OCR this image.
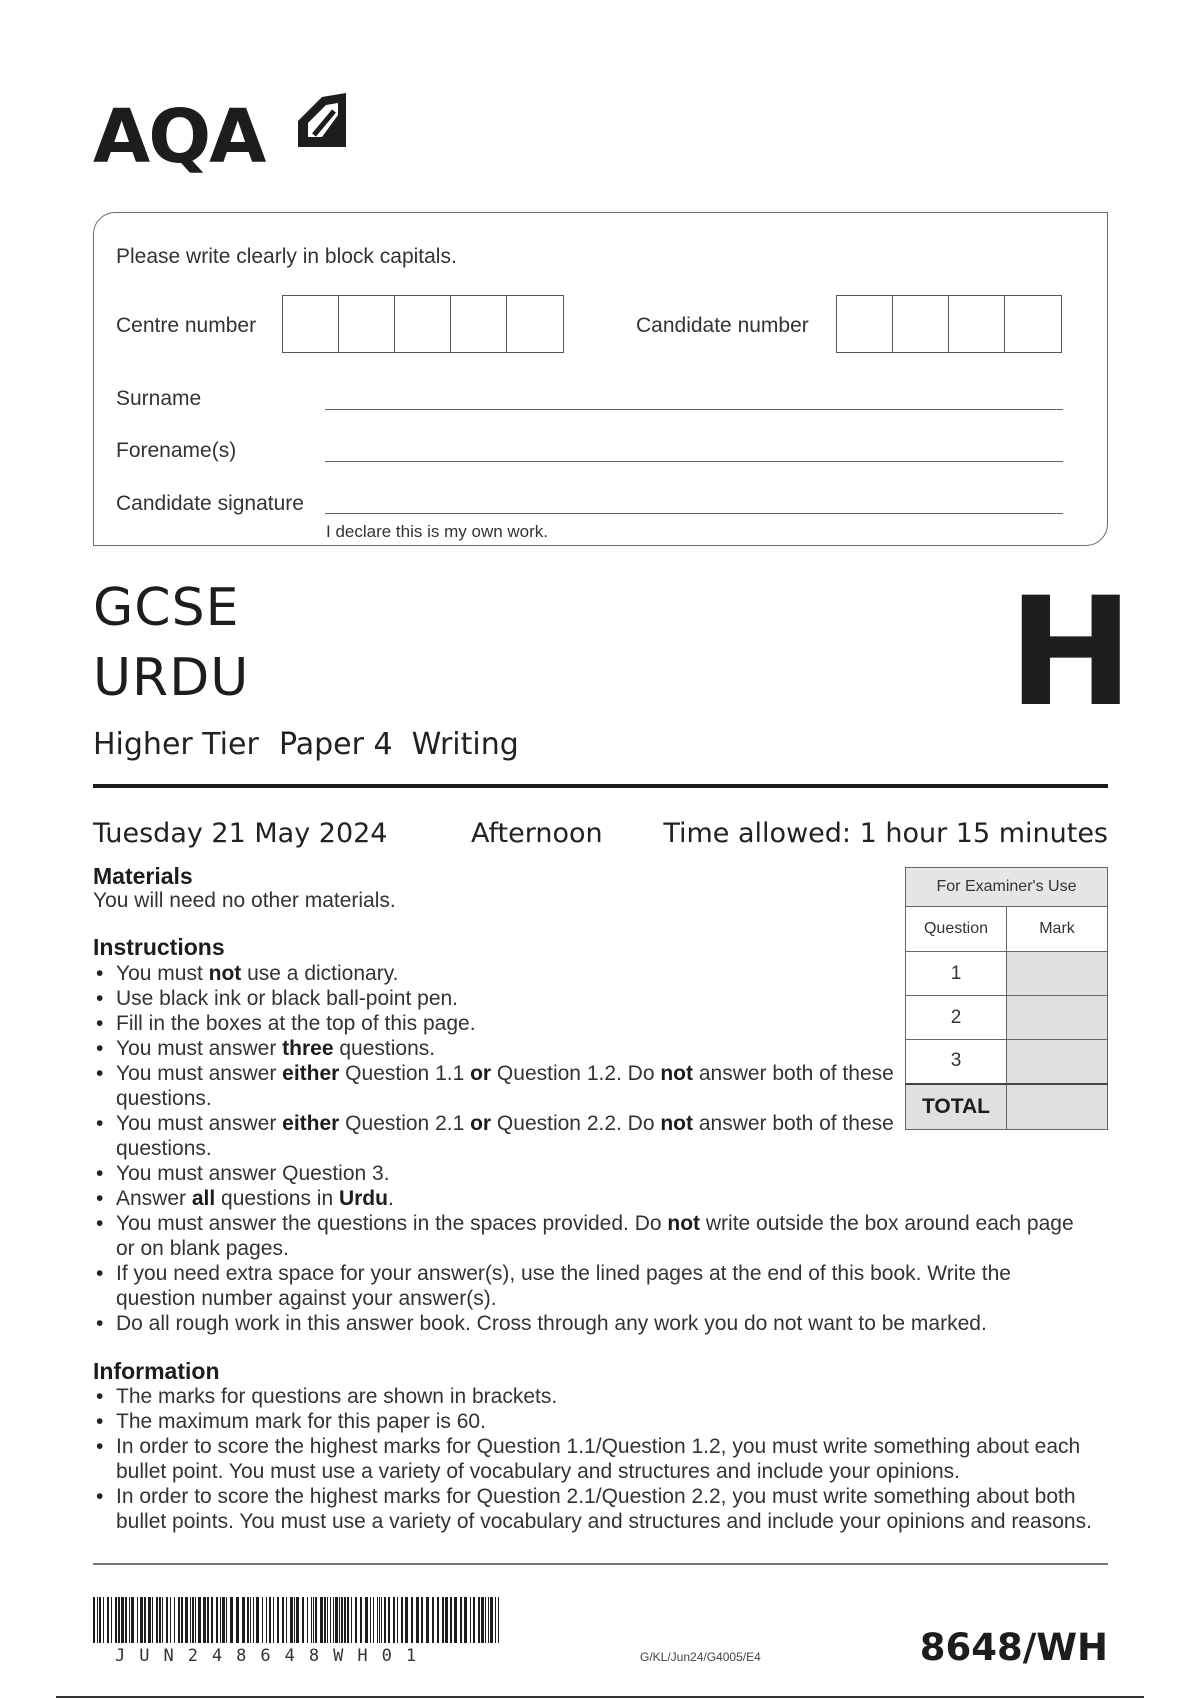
AQA
Please write clearly in block capitals.
Centre number	Candidate number
Surname
Forename(s)
Candidate signature
I declare this is my own work.
GCSE
URDU
Higher Tier Paper 4  Writing
H
Tuesday 21 May 2024	Afternoon Time allowed: 1 hour 15 minutes
Materials
You will need no other materials.
Instructions
• You must not use a dictionary.
• Use black ink or black ball-point pen.
• Fill in the boxes at the top of this page.
• You must answer three questions.
• You must answer either Question 1.1 or Question 1.2. Do not answer both of these questions.
• You must answer either Question 2.1 or Question 2.2. Do not answer both of these questions.
• You must answer Question 3.
• Answer all questions in Urdu.
• You must answer the questions in the spaces provided. Do not write outside the box around each page or on blank pages.
• If you need extra space for your answer(s), use the lined pages at the end of this book. Write the question number against your answer(s).
• Do all rough work in this answer book. Cross through any work you do not want to be marked.
Information
• The marks for questions are shown in brackets.
• The maximum mark for this paper is 60.
• In order to score the highest marks for Question 1.1/Question 1.2, you must write something about each bullet point. You must use a variety of vocabulary and structures and include your opinions.
• In order to score the highest marks for Question 2.1/Question 2.2, you must write something about both bullet points. You must use a variety of vocabulary and structures and include your opinions and reasons.
For Examiner's Use	
Question	Mark
1	
2	
3	
TOTAL	
JUN248648WH01	G/KL/Jun24/G4005/E4	8648/WH
